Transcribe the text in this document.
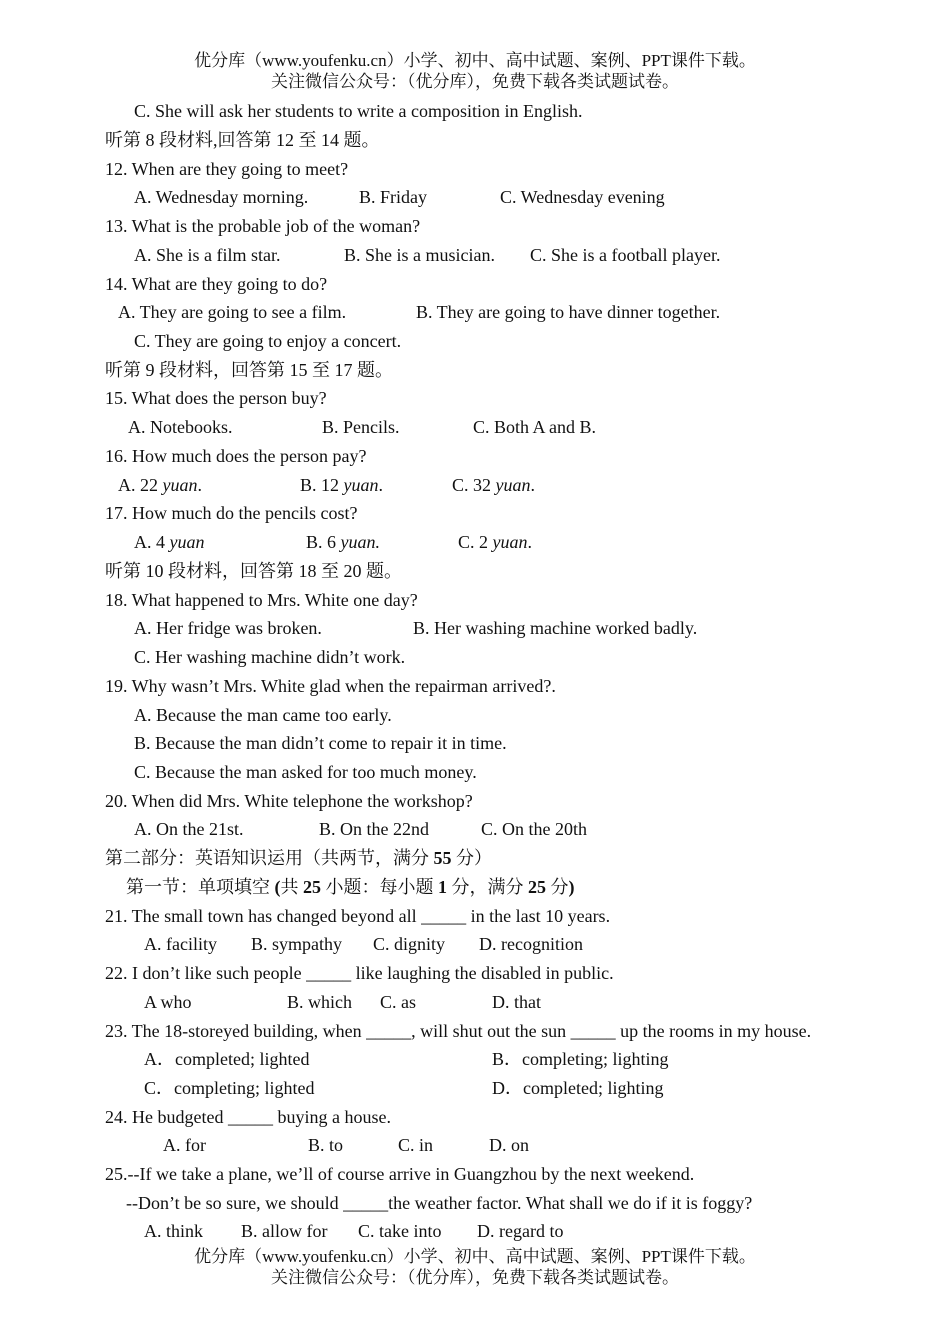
优分库（www.youfenku.cn）小学、初中、高中试题、案例、PPT课件下载。
关注微信公众号：（优分库），免费下载各类试题试卷。
C. She will ask her students to write a composition in English.
听第 8 段材料,回答第 12 至 14 题。
12. When are they going to meet?
A. Wednesday morning.	B. Friday	C. Wednesday evening
13. What is the probable job of the woman?
A. She is a film star.	B. She is a musician. C. She is a football player.
14. What are they going to do?
A. They are going to see a film.	B. They are going to have dinner together.
C. They are going to enjoy a concert.
听第 9 段材料，回答第 15 至 17 题。
15. What does the person buy?
A. Notebooks.	B. Pencils.	C. Both A and B.
16. How much does the person pay?
A. 22 yuan.	B. 12 yuan.	C. 32 yuan.
17. How much do the pencils cost?
A. 4 yuan	B. 6 yuan.	C. 2 yuan.
听第 10 段材料，回答第 18 至 20 题。
18. What happened to Mrs. White one day?
A. Her fridge was broken.	B. Her washing machine worked badly.
C. Her washing machine didn’t work.
19. Why wasn’t Mrs. White glad when the repairman arrived?.
A. Because the man came too early.
B. Because the man didn’t come to repair it in time.
C. Because the man asked for too much money.
20. When did Mrs. White telephone the workshop?
A. On the 21st.	B. On the 22nd	C. On the 20th
第二部分：英语知识运用（共两节，满分 55 分）
第一节：单项填空 (共 25 小题：每小题 1 分，满分 25 分)
21. The small town has changed beyond all _____ in the last 10 years.
A. facility B. sympathy C. dignity D. recognition
22. I don’t like such people _____ like laughing the disabled in public.
A who	B. which C. as	D. that
23. The 18-storeyed building, when _____, will shut out the sun _____ up the rooms in my house.
A．completed; lighted	B．completing; lighting
C．completing; lighted	D．completed; lighting
24. He budgeted _____ buying a house.
A. for	B. to	C. in	D. on
25.--If we take a plane, we’ll of course arrive in Guangzhou by the next weekend.
--Don’t be so sure, we should _____the weather factor. What shall we do if it is foggy?
A. think B. allow for C. take into D. regard to
优分库（www.youfenku.cn）小学、初中、高中试题、案例、PPT课件下载。
关注微信公众号：（优分库），免费下载各类试题试卷。
